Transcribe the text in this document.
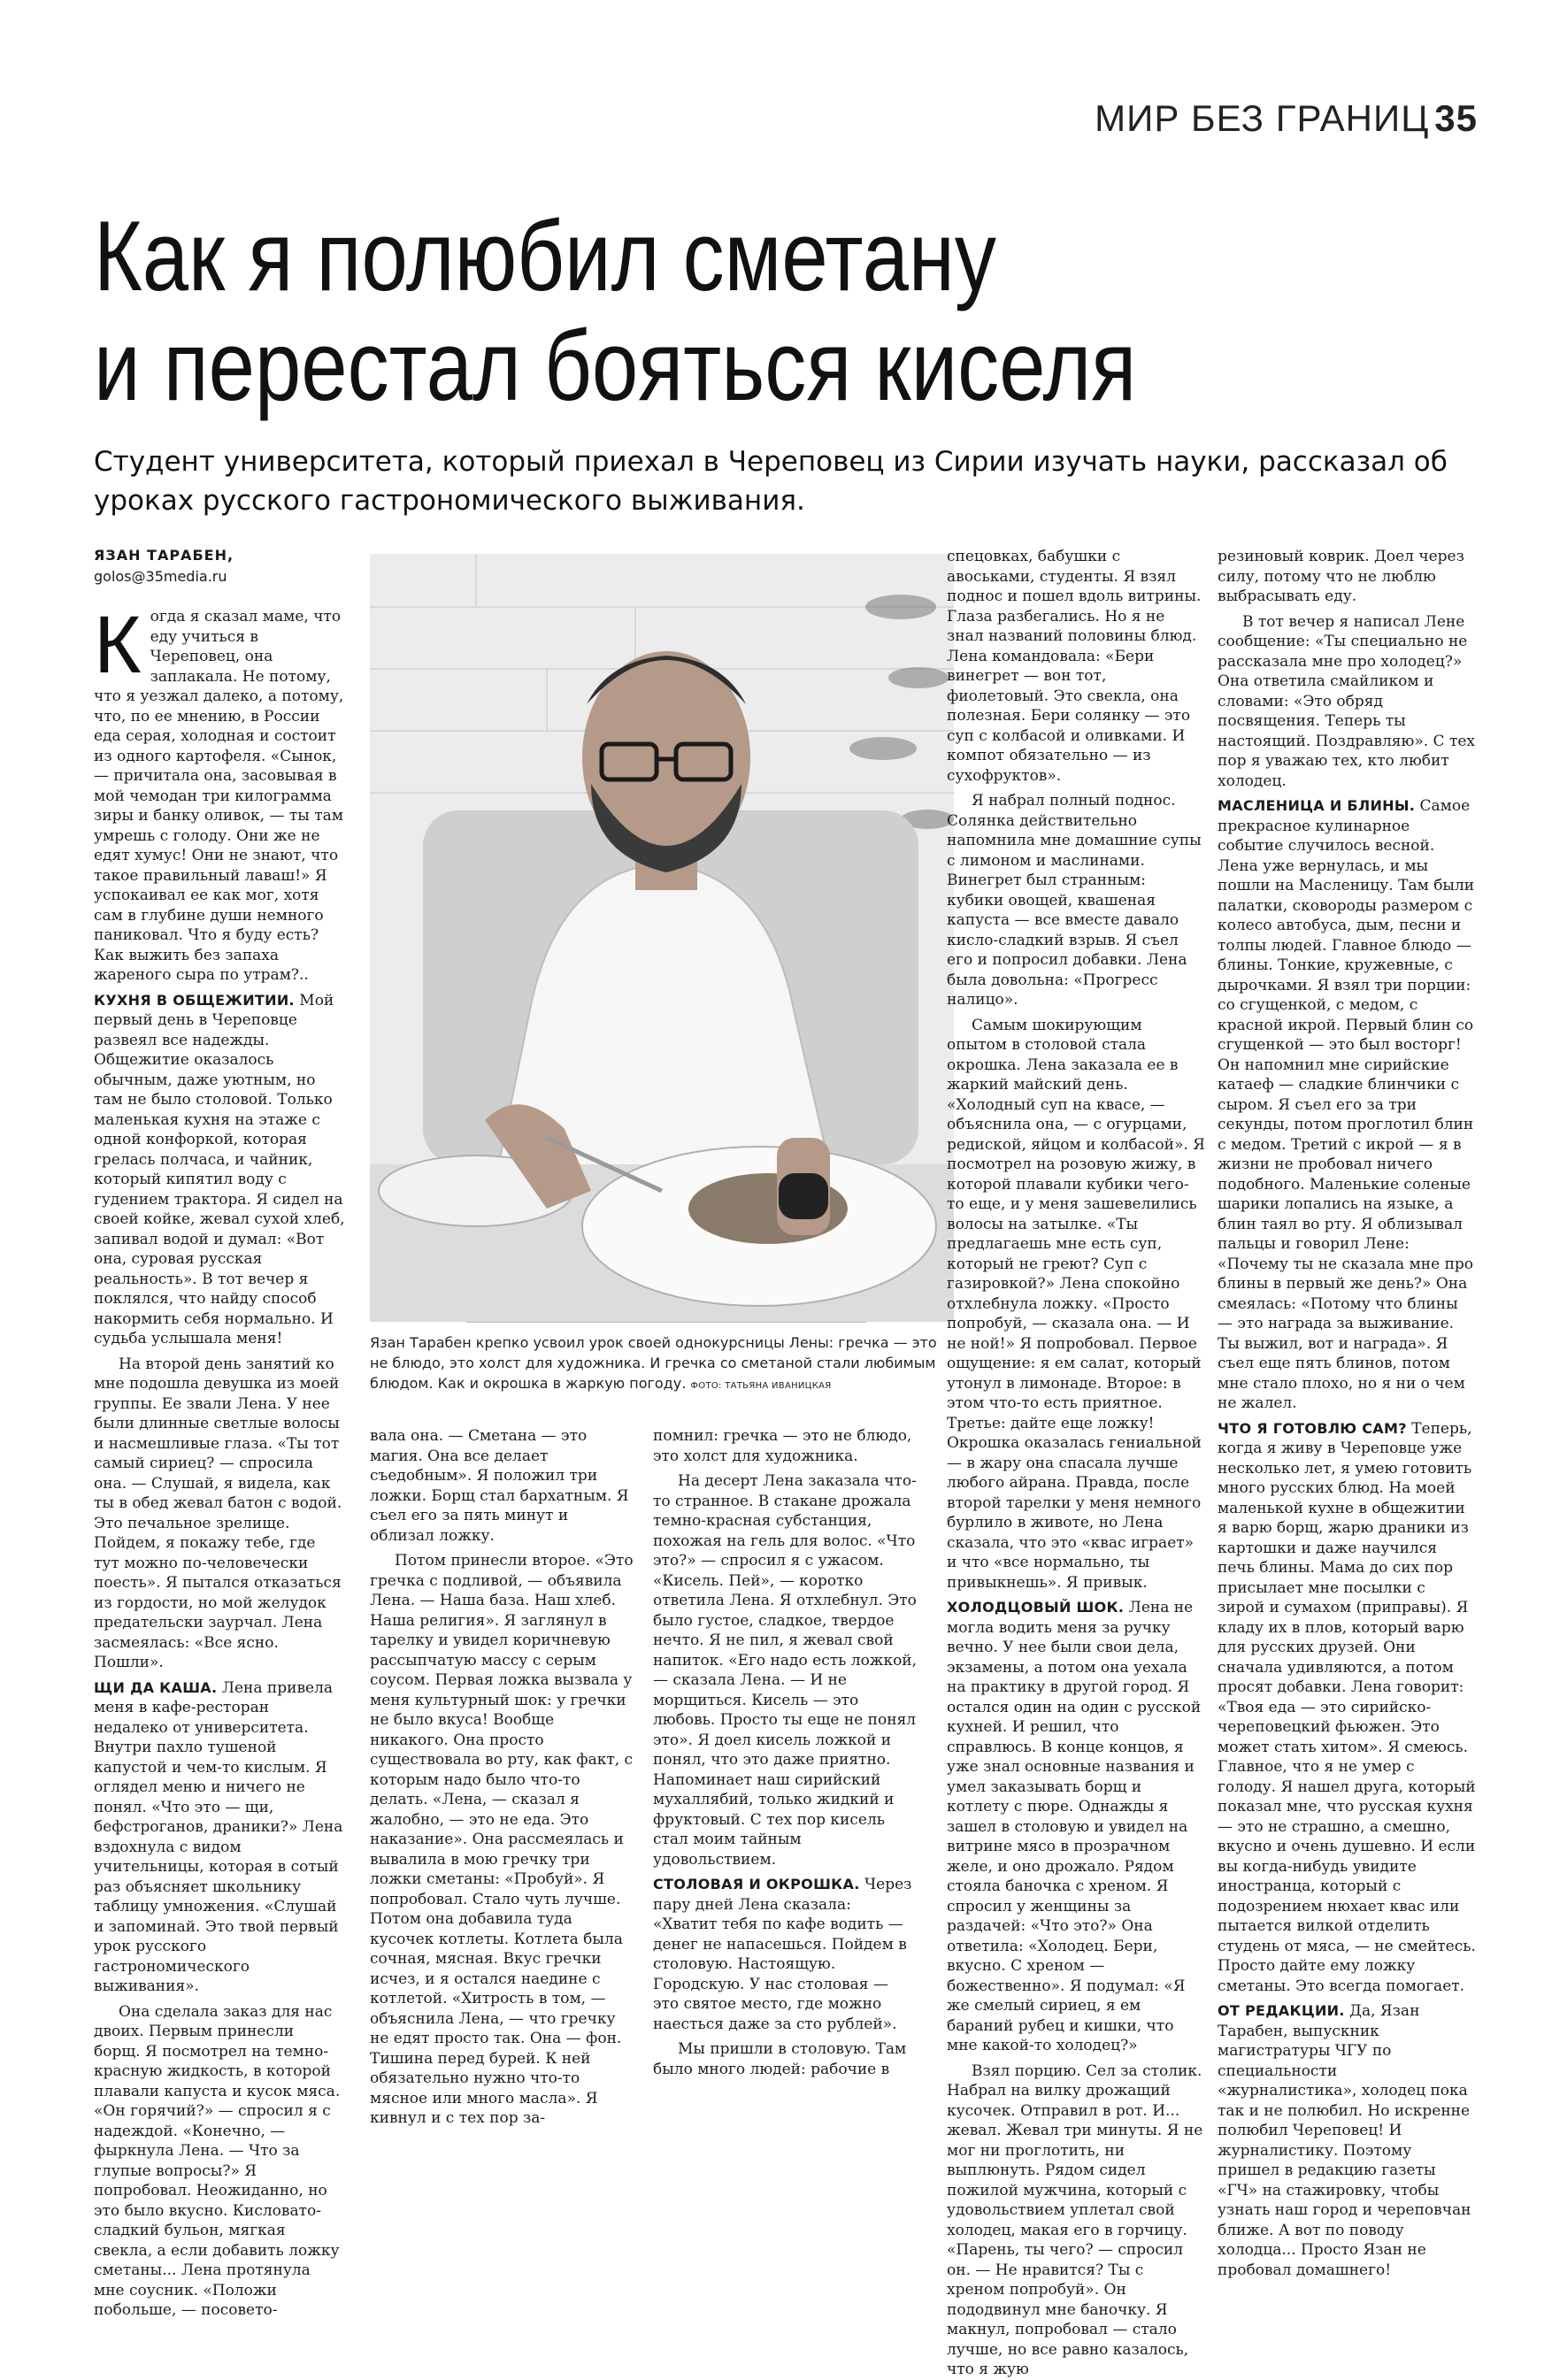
МИР БЕЗ ГРАНИЦ 35
Как я полюбил сметану
и перестал бояться киселя

Студент университета, который приехал в Череповец из Сирии изучать науки, рассказал об уроках русского гастрономического выживания.

ЯЗАН ТАРАБЕН,
golos@35media.ru

Когда я сказал маме, что еду учиться в Череповец, она заплакала. Не потому, что я уезжал далеко, а потому, что, по ее мнению, в России еда серая, холодная и состоит из одного картофеля. «Сынок, — причитала она, засовывая в мой чемодан три килограмма зиры и банку оливок, — ты там умрешь с голоду. Они же не едят хумус! Они не знают, что такое правильный лаваш!» Я успокаивал ее как мог, хотя сам в глубине души немного паниковал. Что я буду есть? Как выжить без запаха жареного сыра по утрам?..

КУХНЯ В ОБЩЕЖИТИИ. Мой первый день в Череповце развеял все надежды. Общежитие оказалось обычным, даже уютным, но там не было столовой. Только маленькая кухня на этаже с одной конфоркой, которая грелась полчаса, и чайник, который кипятил воду с гудением трактора. Я сидел на своей койке, жевал сухой хлеб, запивал водой и думал: «Вот она, суровая русская реальность». В тот вечер я поклялся, что найду способ накормить себя нормально. И судьба услышала меня!

На второй день занятий ко мне подошла девушка из моей группы. Ее звали Лена. У нее были длинные светлые волосы и насмешливые глаза. «Ты тот самый сириец? — спросила она. — Слушай, я видела, как ты в обед жевал батон с водой. Это печальное зрелище. Пойдем, я покажу тебе, где тут можно по-человечески поесть». Я пытался отказаться из гордости, но мой желудок предательски заурчал. Лена засмеялась: «Все ясно. Пошли».

ЩИ ДА КАША. Лена привела меня в кафе-ресторан недалеко от университета. Внутри пахло тушеной капустой и чем-то кислым. Я оглядел меню и ничего не понял. «Что это — щи, бефстроганов, драники?» Лена вздохнула с видом учительницы, которая в сотый раз объясняет школьнику таблицу умножения. «Слушай и запоминай. Это твой первый урок русского гастрономического выживания».

Она сделала заказ для нас двоих. Первым принесли борщ. Я посмотрел на темно-красную жидкость, в которой плавали капуста и кусок мяса. «Он горячий?» — спросил я с надеждой. «Конечно, — фыркнула Лена. — Что за глупые вопросы?» Я попробовал. Неожиданно, но это было вкусно. Кисловато-сладкий бульон, мягкая свекла, а если добавить ложку сметаны... Лена протянула мне соусник. «Положи побольше, — посовето-

Язан Тарабен крепко усвоил урок своей однокурсницы Лены: гречка — это не блюдо, это холст для художника. И гречка со сметаной стали любимым блюдом. Как и окрошка в жаркую погоду. ФОТО: ТАТЬЯНА ИВАНИЦКАЯ

вала она. — Сметана — это магия. Она все делает съедобным». Я положил три ложки. Борщ стал бархатным. Я съел его за пять минут и облизал ложку.

Потом принесли второе. «Это гречка с подливой, — объявила Лена. — Наша база. Наш хлеб. Наша религия». Я заглянул в тарелку и увидел коричневую рассыпчатую массу с серым соусом. Первая ложка вызвала у меня культурный шок: у гречки не было вкуса! Вообще никакого. Она просто существовала во рту, как факт, с которым надо было что-то делать. «Лена, — сказал я жалобно, — это не еда. Это наказание». Она рассмеялась и вывалила в мою гречку три ложки сметаны: «Пробуй». Я попробовал. Стало чуть лучше. Потом она добавила туда кусочек котлеты. Котлета была сочная, мясная. Вкус гречки исчез, и я остался наедине с котлетой. «Хитрость в том, — объяснила Лена, — что гречку не едят просто так. Она — фон. Тишина перед бурей. К ней обязательно нужно что-то мясное или много масла». Я кивнул и с тех пор за-

помнил: гречка — это не блюдо, это холст для художника.

На десерт Лена заказала что-то странное. В стакане дрожала темно-красная субстанция, похожая на гель для волос. «Что это?» — спросил я с ужасом. «Кисель. Пей», — коротко ответила Лена. Я отхлебнул. Это было густое, сладкое, твердое нечто. Я не пил, я жевал свой напиток. «Его надо есть ложкой, — сказала Лена. — И не морщиться. Кисель — это любовь. Просто ты еще не понял это». Я доел кисель ложкой и понял, что это даже приятно. Напоминает наш сирийский мухаллябий, только жидкий и фруктовый. С тех пор кисель стал моим тайным удовольствием.

СТОЛОВАЯ И ОКРОШКА. Через пару дней Лена сказала: «Хватит тебя по кафе водить — денег не напасешься. Пойдем в столовую. Настоящую. Городскую. У нас столовая — это святое место, где можно наесться даже за сто рублей».

Мы пришли в столовую. Там было много людей: рабочие в

спецовках, бабушки с авоськами, студенты. Я взял поднос и пошел вдоль витрины. Глаза разбегались. Но я не знал названий половины блюд. Лена командовала: «Бери винегрет — вон тот, фиолетовый. Это свекла, она полезная. Бери солянку — это суп с колбасой и оливками. И компот обязательно — из сухофруктов».

Я набрал полный поднос. Солянка действительно напомнила мне домашние супы с лимоном и маслинами. Винегрет был странным: кубики овощей, квашеная капуста — все вместе давало кисло-сладкий взрыв. Я съел его и попросил добавки. Лена была довольна: «Прогресс налицо».

Самым шокирующим опытом в столовой стала окрошка. Лена заказала ее в жаркий майский день. «Холодный суп на квасе, — объяснила она, — с огурцами, редиской, яйцом и колбасой». Я посмотрел на розовую жижу, в которой плавали кубики чего-то еще, и у меня зашевелились волосы на затылке. «Ты предлагаешь мне есть суп, который не греют? Суп с газировкой?» Лена спокойно отхлебнула ложку. «Просто попробуй, — сказала она. — И не ной!» Я попробовал. Первое ощущение: я ем салат, который утонул в лимонаде. Второе: в этом что-то есть приятное. Третье: дайте еще ложку! Окрошка оказалась гениальной — в жару она спасала лучше любого айрана. Правда, после второй тарелки у меня немного бурлило в животе, но Лена сказала, что это «квас играет» и что «все нормально, ты привыкнешь». Я привык.

ХОЛОДЦОВЫЙ ШОК. Лена не могла водить меня за ручку вечно. У нее были свои дела, экзамены, а потом она уехала на практику в другой город. Я остался один на один с русской кухней. И решил, что справлюсь. В конце концов, я уже знал основные названия и умел заказывать борщ и котлету с пюре. Однажды я зашел в столовую и увидел на витрине мясо в прозрачном желе, и оно дрожало. Рядом стояла баночка с хреном. Я спросил у женщины за раздачей: «Что это?» Она ответила: «Холодец. Бери, вкусно. С хреном — божественно». Я подумал: «Я же смелый сириец, я ем бараний рубец и кишки, что мне какой-то холодец?»

Взял порцию. Сел за столик. Набрал на вилку дрожащий кусочек. Отправил в рот. И... жевал. Жевал три минуты. Я не мог ни проглотить, ни выплюнуть. Рядом сидел пожилой мужчина, который с удовольствием уплетал свой холодец, макая его в горчицу. «Парень, ты чего? — спросил он. — Не нравится? Ты с хреном попробуй». Он пододвинул мне баночку. Я макнул, попробовал — стало лучше, но все равно казалось, что я жую

резиновый коврик. Доел через силу, потому что не люблю выбрасывать еду.

В тот вечер я написал Лене сообщение: «Ты специально не рассказала мне про холодец?» Она ответила смайликом и словами: «Это обряд посвящения. Теперь ты настоящий. Поздравляю». С тех пор я уважаю тех, кто любит холодец.

МАСЛЕНИЦА И БЛИНЫ. Самое прекрасное кулинарное событие случилось весной. Лена уже вернулась, и мы пошли на Масленицу. Там были палатки, сковороды размером с колесо автобуса, дым, песни и толпы людей. Главное блюдо — блины. Тонкие, кружевные, с дырочками. Я взял три порции: со сгущенкой, с медом, с красной икрой. Первый блин со сгущенкой — это был восторг! Он напомнил мне сирийские катаеф — сладкие блинчики с сыром. Я съел его за три секунды, потом проглотил блин с медом. Третий с икрой — я в жизни не пробовал ничего подобного. Маленькие соленые шарики лопались на языке, а блин таял во рту. Я облизывал пальцы и говорил Лене: «Почему ты не сказала мне про блины в первый же день?» Она смеялась: «Потому что блины — это награда за выживание. Ты выжил, вот и награда». Я съел еще пять блинов, потом мне стало плохо, но я ни о чем не жалел.

ЧТО Я ГОТОВЛЮ САМ? Теперь, когда я живу в Череповце уже несколько лет, я умею готовить много русских блюд. На моей маленькой кухне в общежитии я варю борщ, жарю драники из картошки и даже научился печь блины. Мама до сих пор присылает мне посылки с зирой и сумахом (приправы). Я кладу их в плов, который варю для русских друзей. Они сначала удивляются, а потом просят добавки. Лена говорит: «Твоя еда — это сирийско-череповецкий фьюжен. Это может стать хитом». Я смеюсь. Главное, что я не умер с голоду. Я нашел друга, который показал мне, что русская кухня — это не страшно, а смешно, вкусно и очень душевно. И если вы когда-нибудь увидите иностранца, который с подозрением нюхает квас или пытается вилкой отделить студень от мяса, — не смейтесь. Просто дайте ему ложку сметаны. Это всегда помогает.

ОТ РЕДАКЦИИ. Да, Язан Тарабен, выпускник магистратуры ЧГУ по специальности «журналистика», холодец пока так и не полюбил. Но искренне полюбил Череповец! И журналистику. Поэтому пришел в редакцию газеты «ГЧ» на стажировку, чтобы узнать наш город и череповчан ближе. А вот по поводу холодца... Просто Язан не пробовал домашнего!
